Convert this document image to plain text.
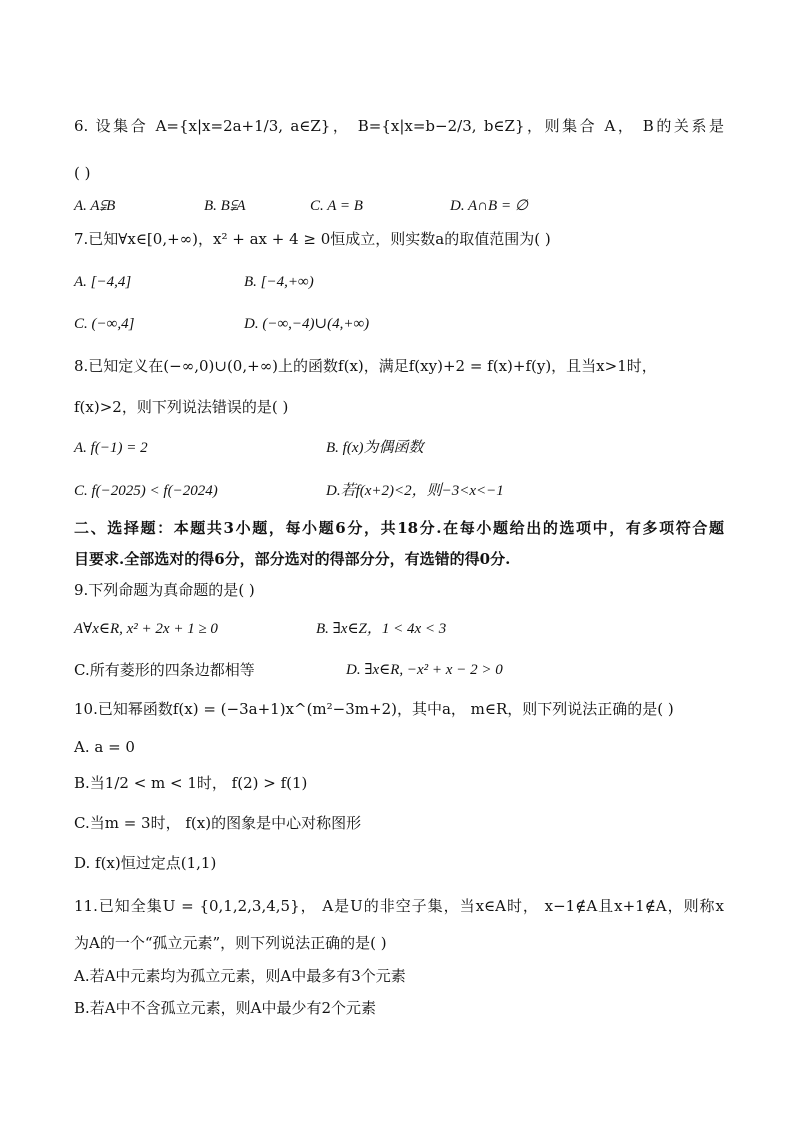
6. 设集合 A={x|x=2a+1/3, a∈Z}， B={x|x=b−2/3, b∈Z}，则集合 A， B的关系是
( )
A. A⫋B	B. B⫋A	C. A = B	D. A∩B = ∅
7.已知∀x∈[0,+∞)，x² + ax + 4 ≥ 0恒成立，则实数a的取值范围为( )
A. [−4,4]	B. [−4,+∞)
C. (−∞,4]	D. (−∞,−4)∪(4,+∞)
8.已知定义在(−∞,0)∪(0,+∞)上的函数f(x)，满足f(xy)+2 = f(x)+f(y)，且当x>1时，
f(x)>2，则下列说法错误的是( )
A. f(−1) = 2	B. f(x)为偶函数
C. f(−2025) < f(−2024)	D.若f(x+2)<2，则−3<x<−1
二、选择题：本题共3小题，每小题6分，共18分.在每小题给出的选项中，有多项符合题
目要求.全部选对的得6分，部分选对的得部分分，有选错的得0分.
9.下列命题为真命题的是( )
A∀x∈R, x² + 2x + 1 ≥ 0	B. ∃x∈Z，1 < 4x < 3
C.所有菱形的四条边都相等	D. ∃x∈R, −x² + x − 2 > 0
10.已知幂函数f(x) = (−3a+1)x^(m²−3m+2)，其中a， m∈R，则下列说法正确的是( )
A. a = 0
B.当1/2 < m < 1时， f(2) > f(1)
C.当m = 3时， f(x)的图象是中心对称图形
D. f(x)恒过定点(1,1)
11.已知全集U = {0,1,2,3,4,5}， A是U的非空子集，当x∈A时， x−1∉A且x+1∉A，则称x
为A的一个“孤立元素”，则下列说法正确的是( )
A.若A中元素均为孤立元素，则A中最多有3个元素
B.若A中不含孤立元素，则A中最少有2个元素
